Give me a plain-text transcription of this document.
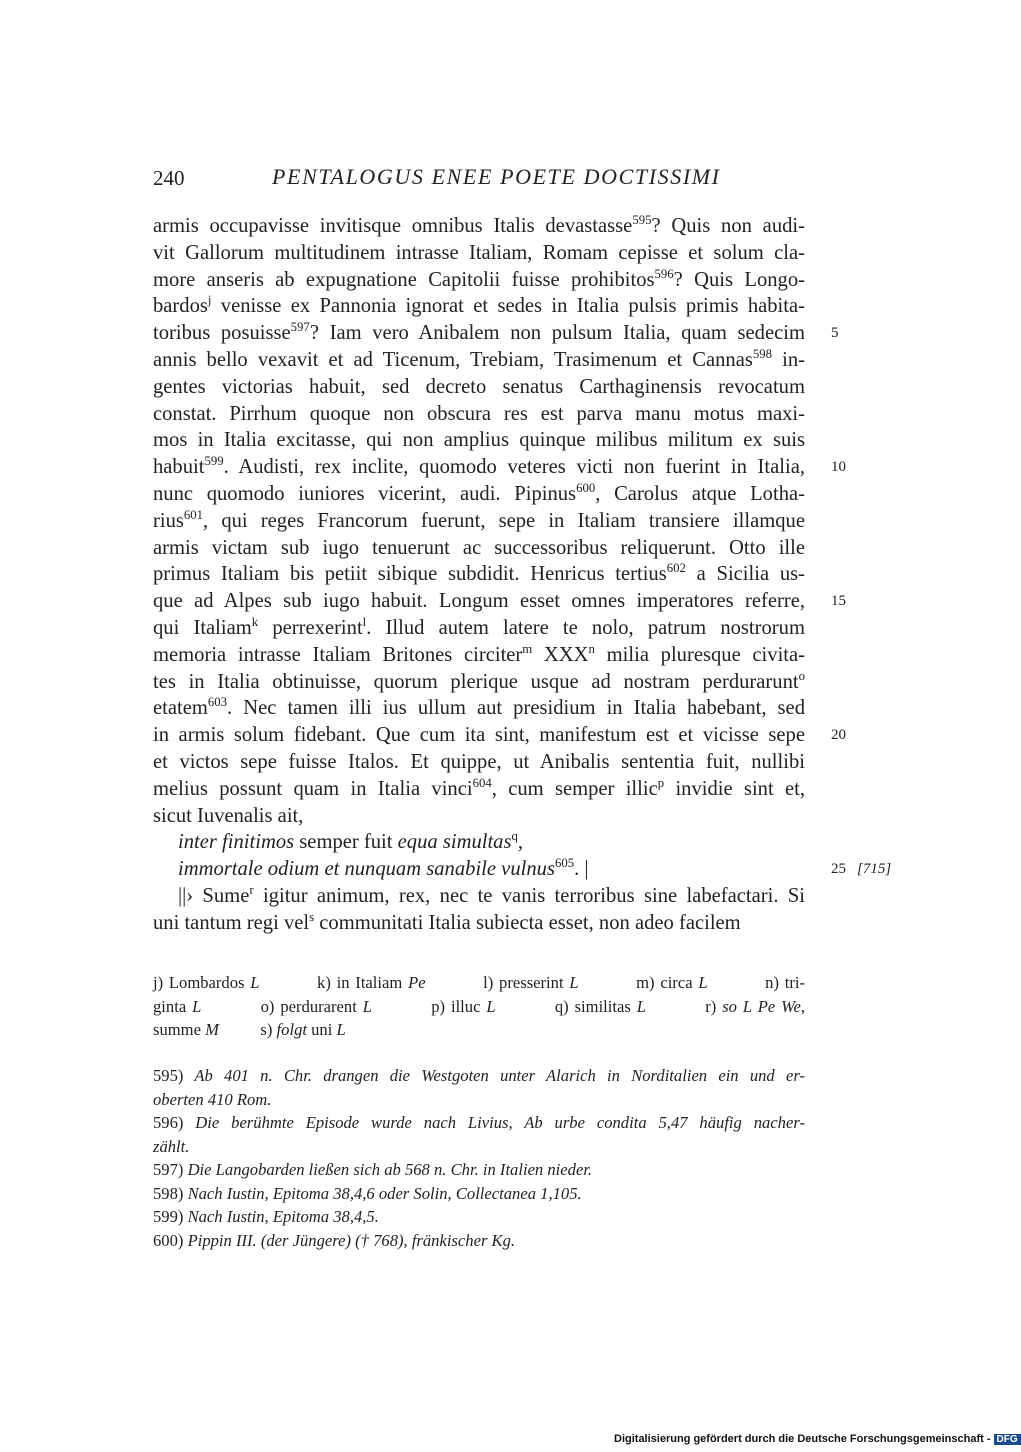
240	PENTALOGUS ENEE POETE DOCTISSIMI
armis occupavisse invitisque omnibus Italis devastasse$^{595}$? Quis non audi-
vit Gallorum multitudinem intrasse Italiam, Romam cepisse et solum cla-
more anseris ab expugnatione Capitolii fuisse prohibitos$^{596}$? Quis Longo-
bardos$^j$ venisse ex Pannonia ignorat et sedes in Italia pulsis primis habita-
toribus posuisse$^{597}$? Iam vero Anibalem non pulsum Italia, quam sedecim
annis bello vexavit et ad Ticenum, Trebiam, Trasimenum et Cannas$^{598}$ in-
gentes victorias habuit, sed decreto senatus Carthaginensis revocatum
constat. Pirrhum quoque non obscura res est parva manu motus maxi-
mos in Italia excitasse, qui non amplius quinque milibus militum ex suis
habuit$^{599}$. Audisti, rex inclite, quomodo veteres victi non fuerint in Italia,
nunc quomodo iuniores vicerint, audi. Pipinus$^{600}$, Carolus atque Lotha-
rius$^{601}$, qui reges Francorum fuerunt, sepe in Italiam transiere illamque
armis victam sub iugo tenuerunt ac successoribus reliquerunt. Otto ille
primus Italiam bis petiit sibique subdidit. Henricus tertius$^{602}$ a Sicilia us-
que ad Alpes sub iugo habuit. Longum esset omnes imperatores referre,
qui Italiam$^k$ perrexerint$^l$. Illud autem latere te nolo, patrum nostrorum
memoria intrasse Italiam Britones circiter$^m$ XXX$^n$ milia pluresque civita-
tes in Italia obtinuisse, quorum plerique usque ad nostram perdurarunt$^o$
etatem$^{603}$. Nec tamen illi ius ullum aut presidium in Italia habebant, sed
in armis solum fidebant. Que cum ita sint, manifestum est et vicisse sepe
et victos sepe fuisse Italos. Et quippe, ut Anibalis sententia fuit, nullibi
melius possunt quam in Italia vinci$^{604}$, cum semper illic$^p$ invidie sint et,
sicut Iuvenalis ait,
inter finitimos semper fuit equa simultas$^q$,
immortale odium et nunquam sanabile vulnus$^{605}$. |
||› Sume$^r$ igitur animum, rex, nec te vanis terroribus sine labefactari. Si
uni tantum regi vel$^s$ communitati Italia subiecta esset, non adeo facilem
5
10
15
20
25 [715]
j) Lombardos L          k) in Italiam Pe          l) presserint L          m) circa L          n) tri-
ginta L          o) perdurarent L          p) illuc L          q) similitas L          r) so L Pe We,
summe M          s) folgt uni L
595) Ab 401 n. Chr. drangen die Westgoten unter Alarich in Norditalien ein und er-
oberten 410 Rom.
596) Die berühmte Episode wurde nach Livius, Ab urbe condita 5,47 häufig nacher-
zählt.
597) Die Langobarden ließen sich ab 568 n. Chr. in Italien nieder.
598) Nach Iustin, Epitoma 38,4,6 oder Solin, Collectanea 1,105.
599) Nach Iustin, Epitoma 38,4,5.
600) Pippin III. (der Jüngere) († 768), fränkischer Kg.
Digitalisierung gefördert durch die Deutsche Forschungsgemeinschaft - DFG
